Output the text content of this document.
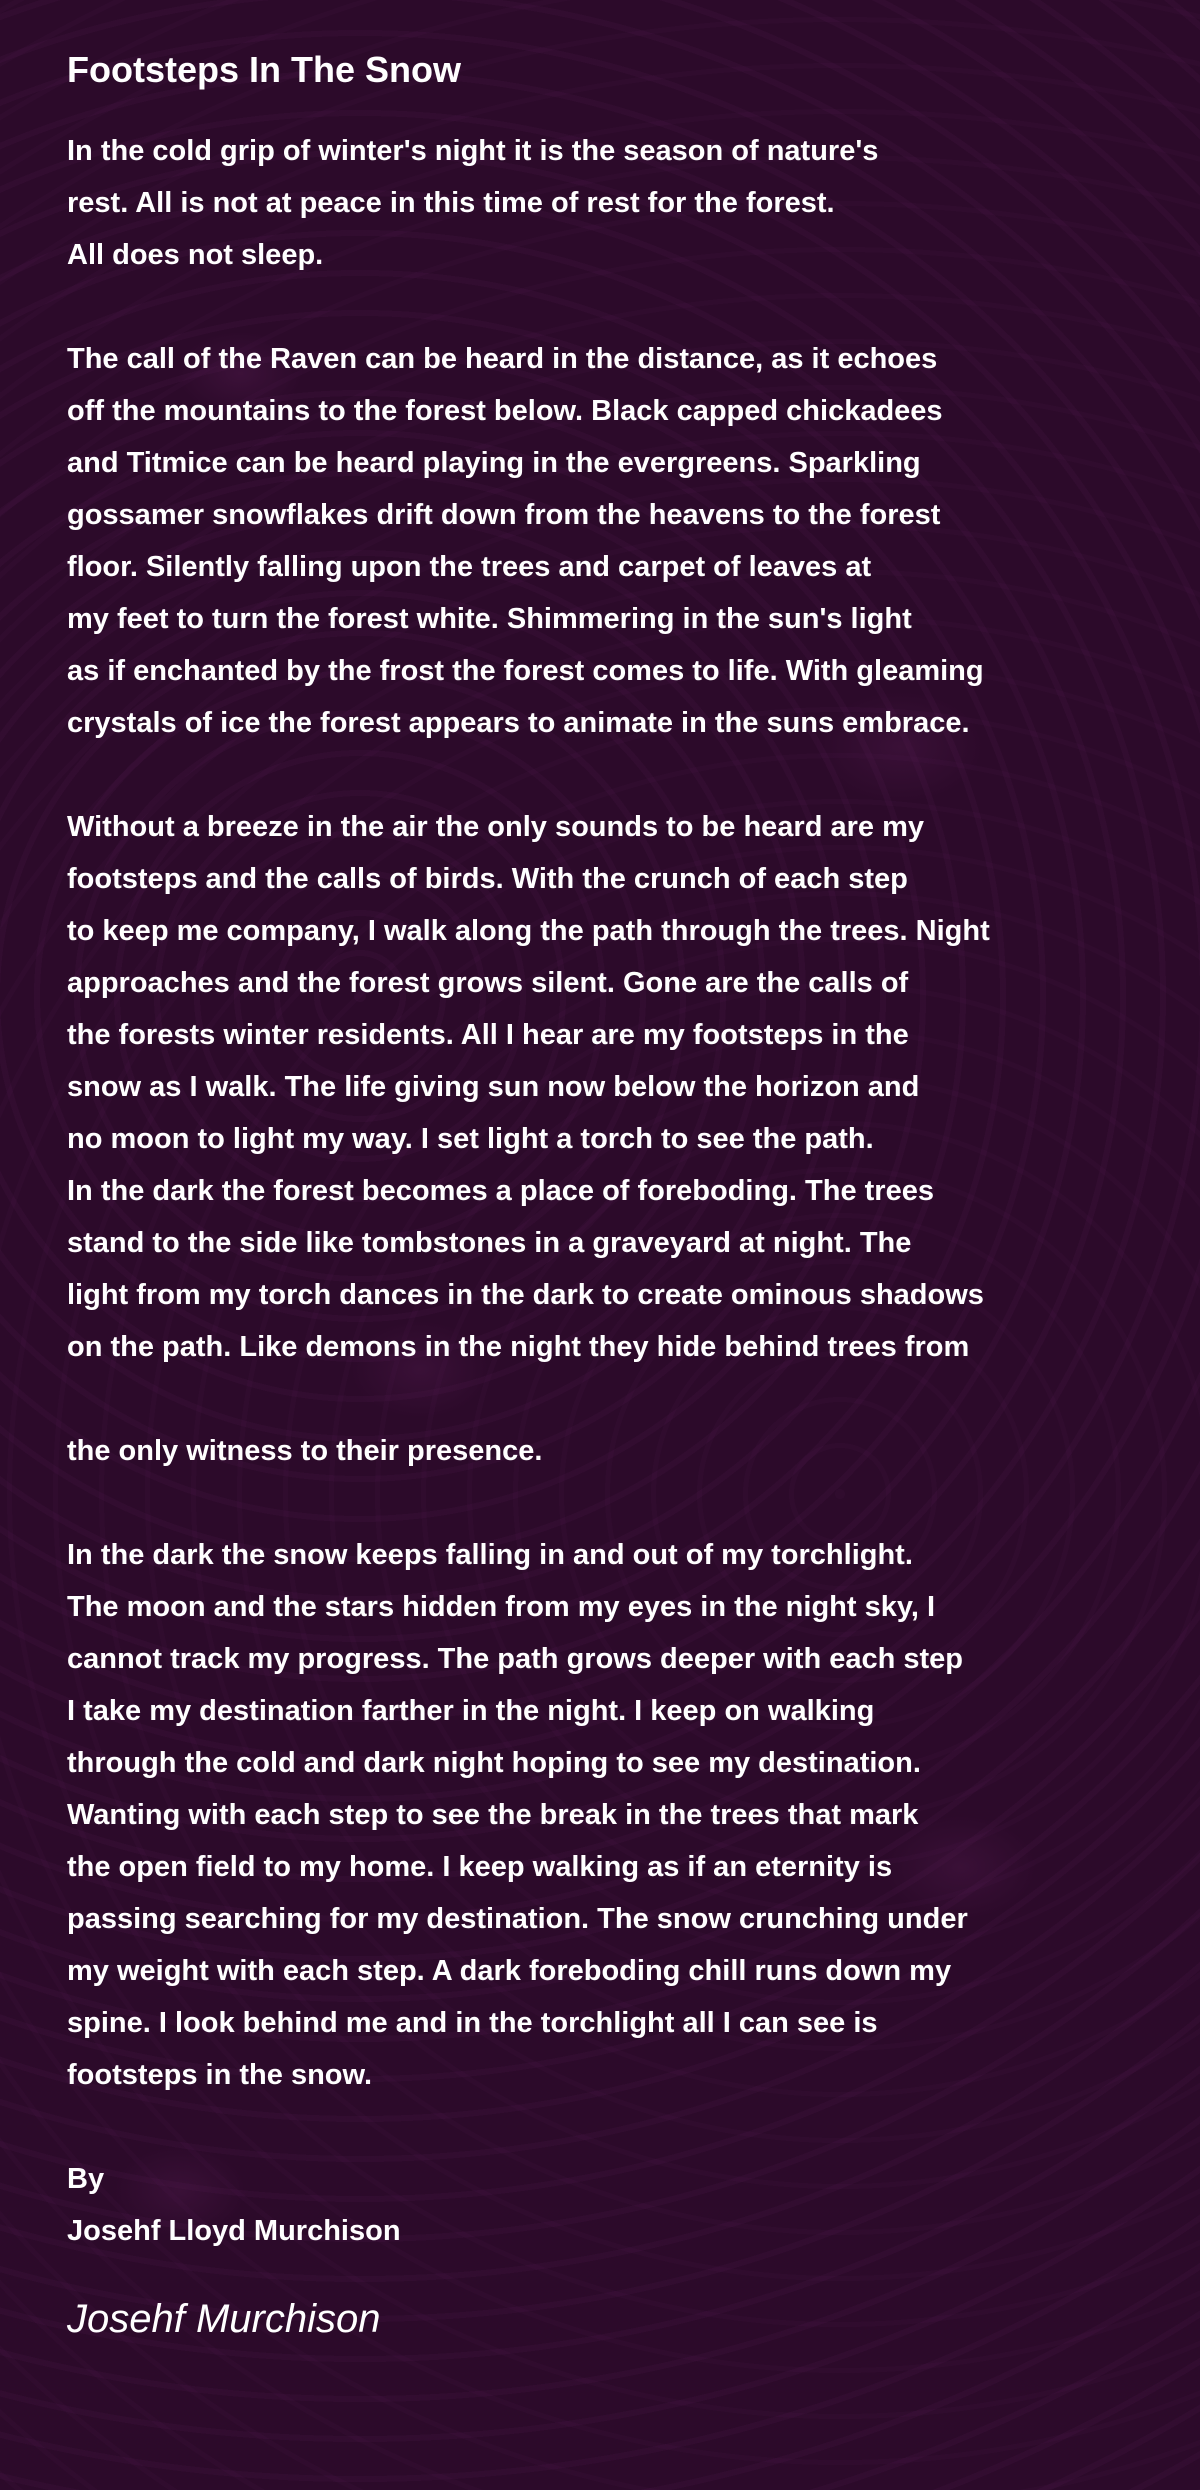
Footsteps In The Snow
In the cold grip of winter's night it is the season of nature's
rest. All is not at peace in this time of rest for the forest.
All does not sleep.
The call of the Raven can be heard in the distance, as it echoes
off the mountains to the forest below. Black capped chickadees
and Titmice can be heard playing in the evergreens. Sparkling
gossamer snowflakes drift down from the heavens to the forest
floor. Silently falling upon the trees and carpet of leaves at
my feet to turn the forest white. Shimmering in the sun's light
as if enchanted by the frost the forest comes to life. With gleaming
crystals of ice the forest appears to animate in the suns embrace.
Without a breeze in the air the only sounds to be heard are my
footsteps and the calls of birds. With the crunch of each step
to keep me company, I walk along the path through the trees. Night
approaches and the forest grows silent. Gone are the calls of
the forests winter residents. All I hear are my footsteps in the
snow as I walk. The life giving sun now below the horizon and
no moon to light my way. I set light a torch to see the path.
In the dark the forest becomes a place of foreboding. The trees
stand to the side like tombstones in a graveyard at night. The
light from my torch dances in the dark to create ominous shadows
on the path. Like demons in the night they hide behind trees from
the only witness to their presence.
In the dark the snow keeps falling in and out of my torchlight.
The moon and the stars hidden from my eyes in the night sky, I
cannot track my progress. The path grows deeper with each step
I take my destination farther in the night. I keep on walking
through the cold and dark night hoping to see my destination.
Wanting with each step to see the break in the trees that mark
the open field to my home. I keep walking as if an eternity is
passing searching for my destination. The snow crunching under
my weight with each step. A dark foreboding chill runs down my
spine. I look behind me and in the torchlight all I can see is
footsteps in the snow.
By
Josehf Lloyd Murchison
Josehf Murchison
